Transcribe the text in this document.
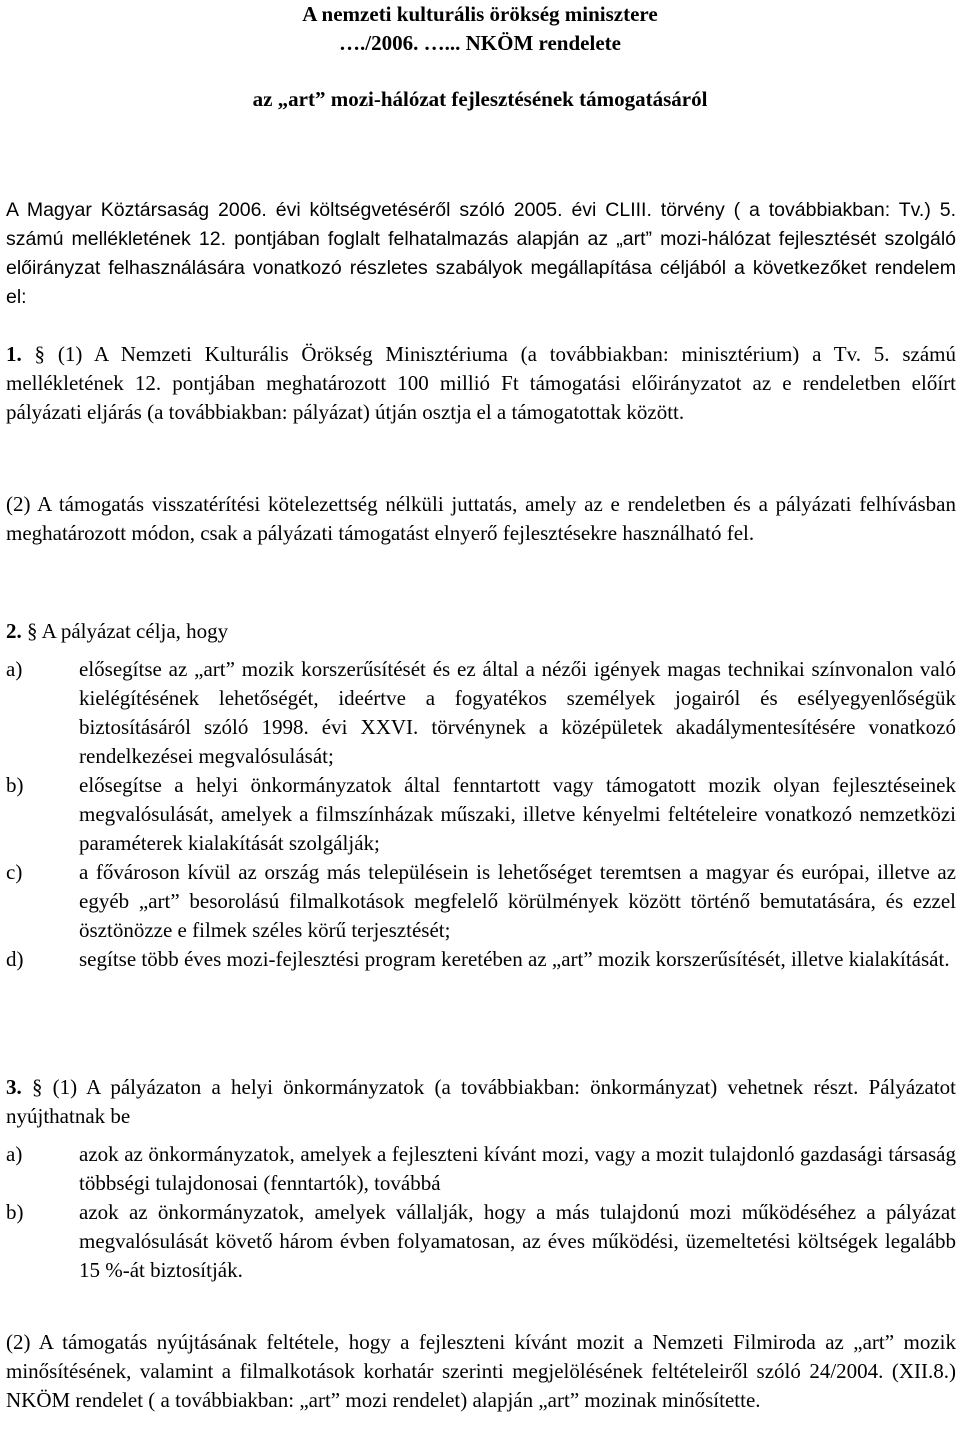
A nemzeti kulturális örökség minisztere
…./2006. …... NKÖM rendelete
az „art” mozi-hálózat fejlesztésének támogatásáról
A Magyar Köztársaság 2006. évi költségvetéséről szóló 2005. évi CLIII. törvény ( a továbbiakban: Tv.) 5. számú mellékletének 12. pontjában foglalt felhatalmazás alapján az „art” mozi-hálózat fejlesztését szolgáló előirányzat felhasználására vonatkozó részletes szabályok megállapítása céljából a következőket rendelem el:
1. § (1) A Nemzeti Kulturális Örökség Minisztériuma (a továbbiakban: minisztérium) a Tv. 5. számú mellékletének 12. pontjában meghatározott 100 millió Ft támogatási előirányzatot az e rendeletben előírt pályázati eljárás (a továbbiakban: pályázat) útján osztja el a támogatottak között.
(2) A támogatás visszatérítési kötelezettség nélküli juttatás, amely az e rendeletben és a pályázati felhívásban meghatározott módon, csak a pályázati támogatást elnyerő fejlesztésekre használható fel.
2. § A pályázat célja, hogy
a)	elősegítse az „art” mozik korszerűsítését és ez által a nézői igények magas technikai színvonalon való kielégítésének lehetőségét, ideértve a fogyatékos személyek jogairól és esélyegyenlőségük biztosításáról szóló 1998. évi XXVI. törvénynek a középületek akadálymentesítésére vonatkozó rendelkezései megvalósulását;
b)	elősegítse a helyi önkormányzatok által fenntartott vagy támogatott mozik olyan fejlesztéseinek megvalósulását, amelyek a filmszínházak műszaki, illetve kényelmi feltételeire vonatkozó nemzetközi paraméterek kialakítását szolgálják;
c)	a fővároson kívül az ország más településein is lehetőséget teremtsen a magyar és európai, illetve az egyéb „art” besorolású filmalkotások megfelelő körülmények között történő bemutatására, és ezzel ösztönözze e filmek széles körű terjesztését;
d)	segítse több éves mozi-fejlesztési program keretében az „art” mozik korszerűsítését, illetve kialakítását.
3. § (1) A pályázaton a helyi önkormányzatok (a továbbiakban: önkormányzat) vehetnek részt. Pályázatot nyújthatnak be
a)	azok az önkormányzatok, amelyek a fejleszteni kívánt mozi, vagy a mozit tulajdonló gazdasági társaság többségi tulajdonosai (fenntartók), továbbá
b)	azok az önkormányzatok, amelyek vállalják, hogy a más tulajdonú mozi működéséhez a pályázat megvalósulását követő három évben folyamatosan, az éves működési, üzemeltetési költségek legalább 15 %-át biztosítják.
(2) A támogatás nyújtásának feltétele, hogy a fejleszteni kívánt mozit a Nemzeti Filmiroda az „art” mozik minősítésének, valamint a filmalkotások korhatár szerinti megjelölésének feltételeiről szóló 24/2004. (XII.8.) NKÖM rendelet ( a továbbiakban: „art” mozi rendelet) alapján „art” mozinak minősítette.
